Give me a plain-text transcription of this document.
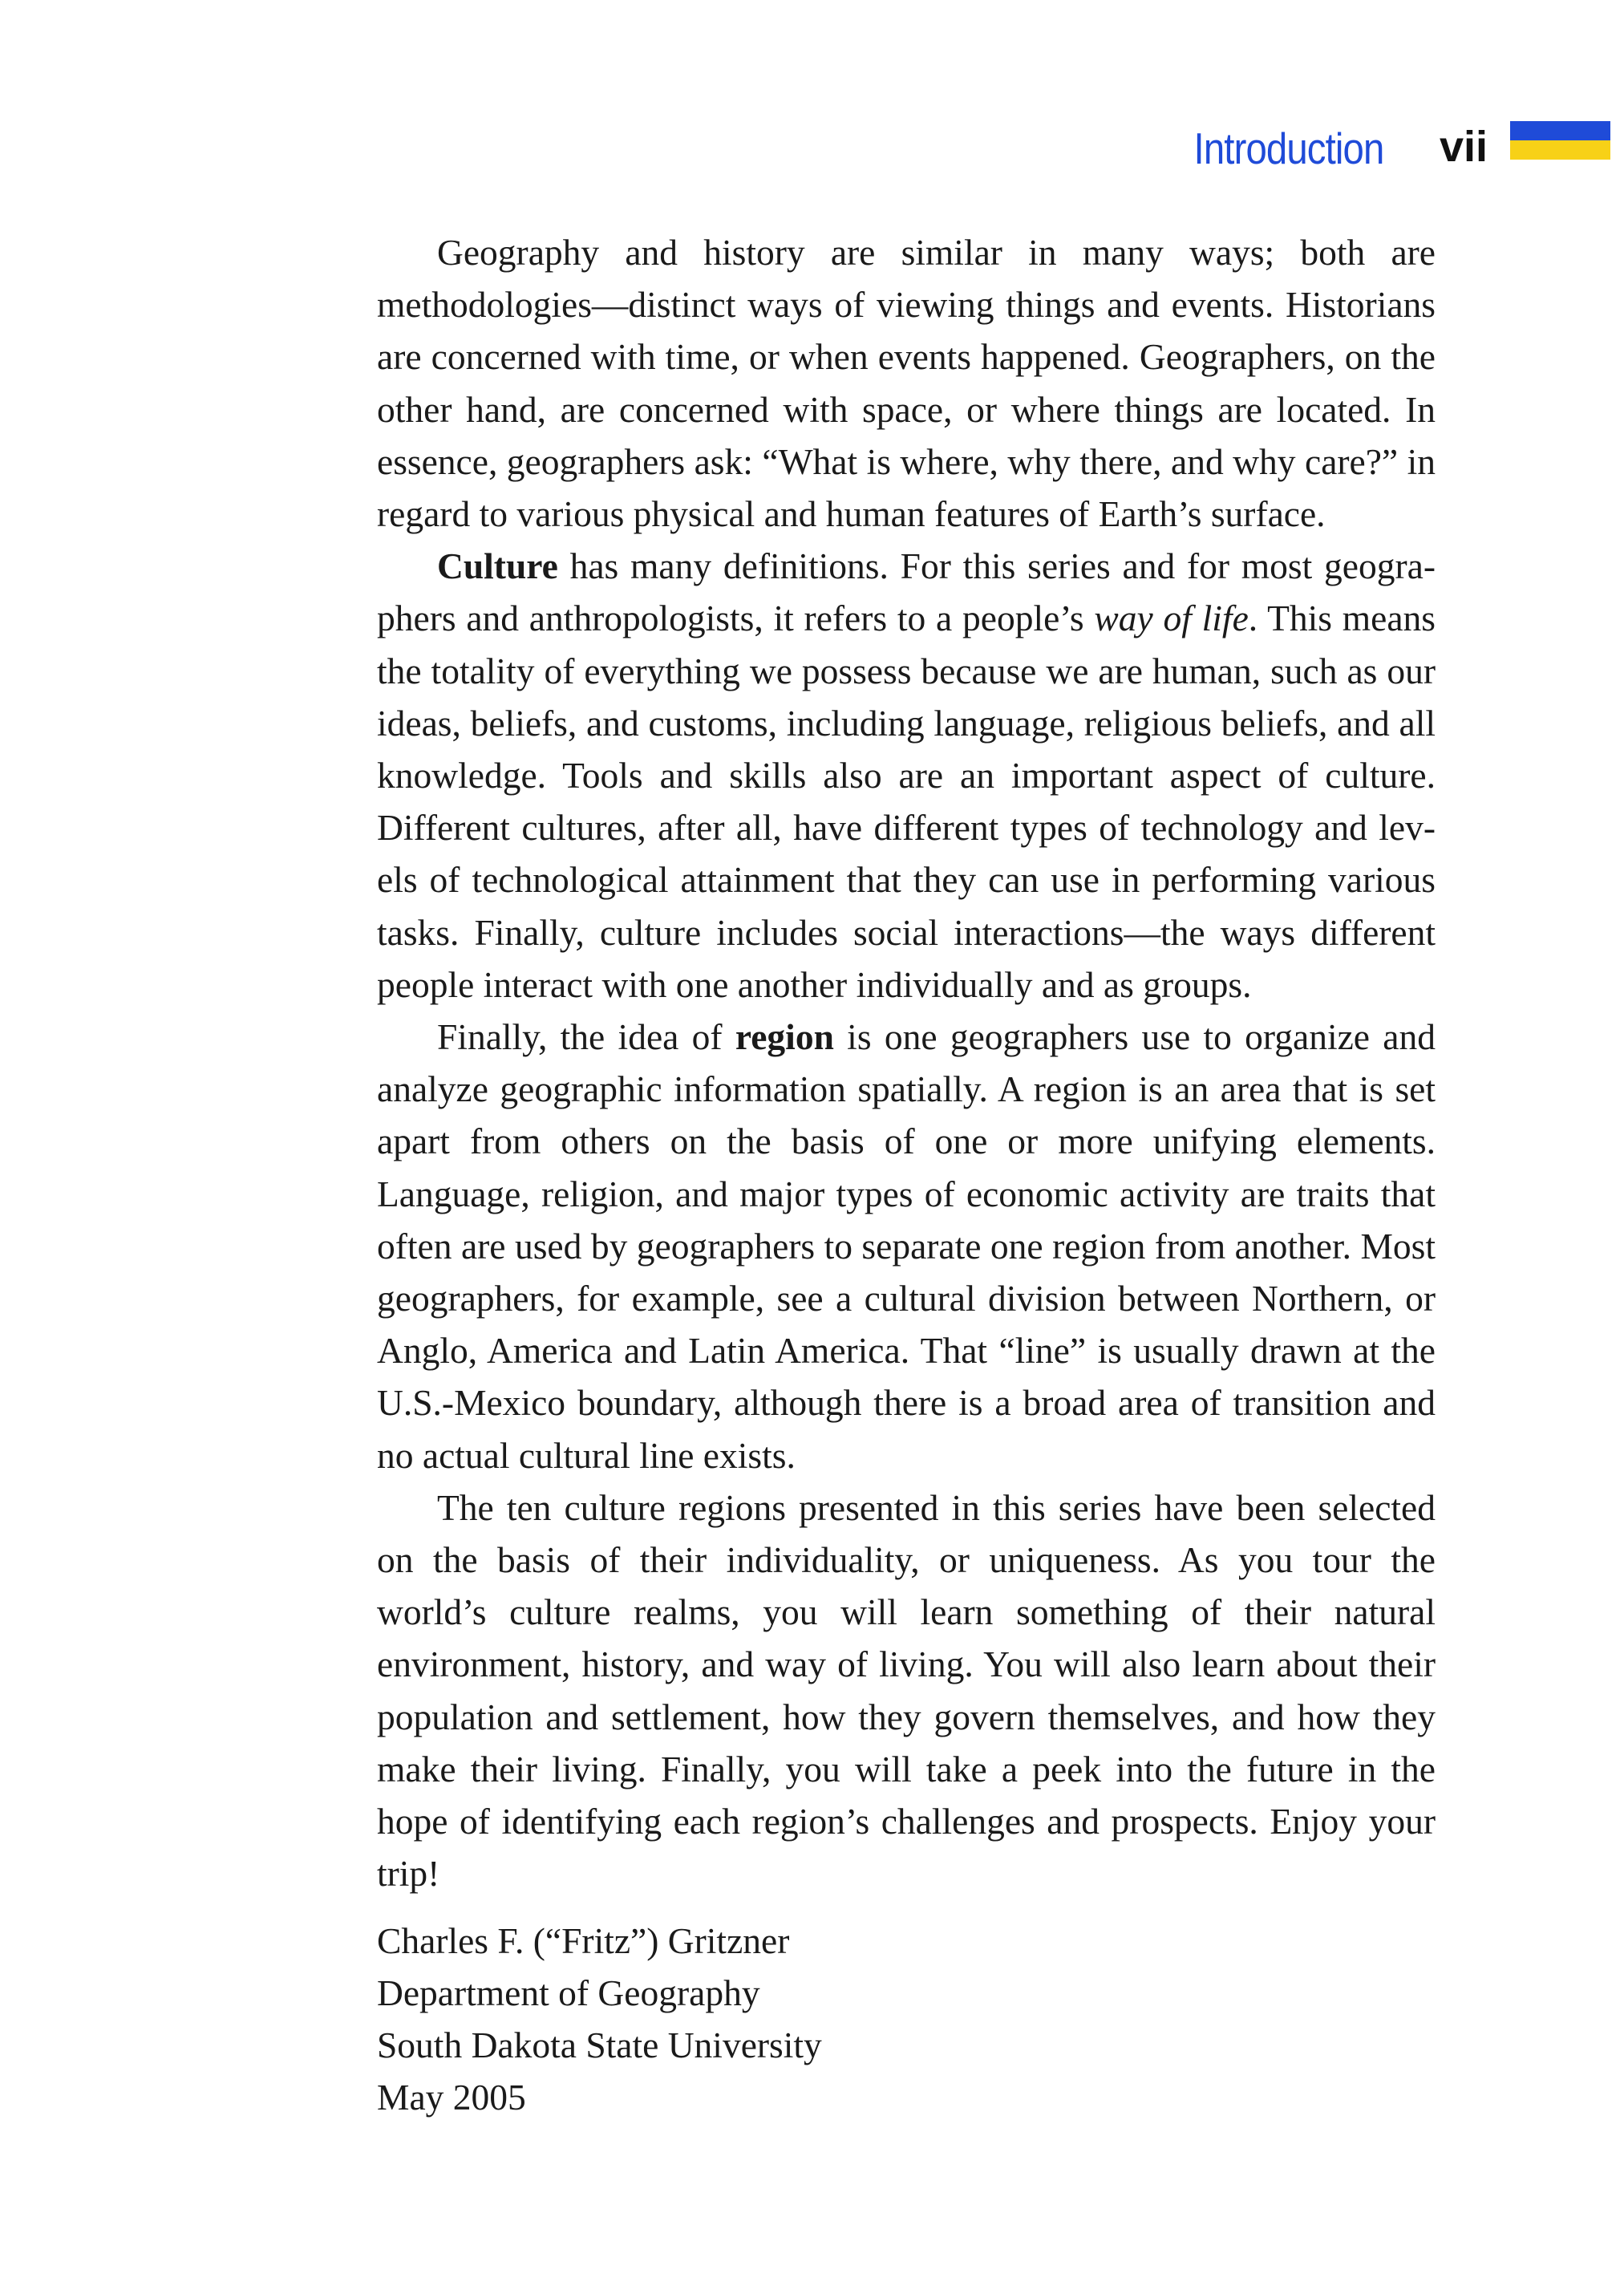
Introduction vii

Geography and history are similar in many ways; both are methodologies—distinct ways of viewing things and events. Historians are concerned with time, or when events happened. Geographers, on the other hand, are concerned with space, or where things are located. In essence, geographers ask: “What is where, why there, and why care?” in regard to various physical and human features of Earth’s surface.

Culture has many definitions. For this series and for most geographers and anthropologists, it refers to a people’s way of life. This means the totality of everything we possess because we are human, such as our ideas, beliefs, and customs, including language, religious beliefs, and all knowledge. Tools and skills also are an important aspect of culture. Different cultures, after all, have different types of technology and levels of technological attainment that they can use in performing various tasks. Finally, culture includes social interactions—the ways different people interact with one another individually and as groups.

Finally, the idea of region is one geographers use to organize and analyze geographic information spatially. A region is an area that is set apart from others on the basis of one or more unifying elements. Language, religion, and major types of economic activity are traits that often are used by geographers to separate one region from another. Most geographers, for example, see a cultural division between Northern, or Anglo, America and Latin America. That “line” is usually drawn at the U.S.-Mexico boundary, although there is a broad area of transition and no actual cultural line exists.

The ten culture regions presented in this series have been selected on the basis of their individuality, or uniqueness. As you tour the world’s culture realms, you will learn something of their natural environment, history, and way of living. You will also learn about their population and settlement, how they govern themselves, and how they make their living. Finally, you will take a peek into the future in the hope of identifying each region’s challenges and prospects. Enjoy your trip!

Charles F. (“Fritz”) Gritzner
Department of Geography
South Dakota State University
May 2005
